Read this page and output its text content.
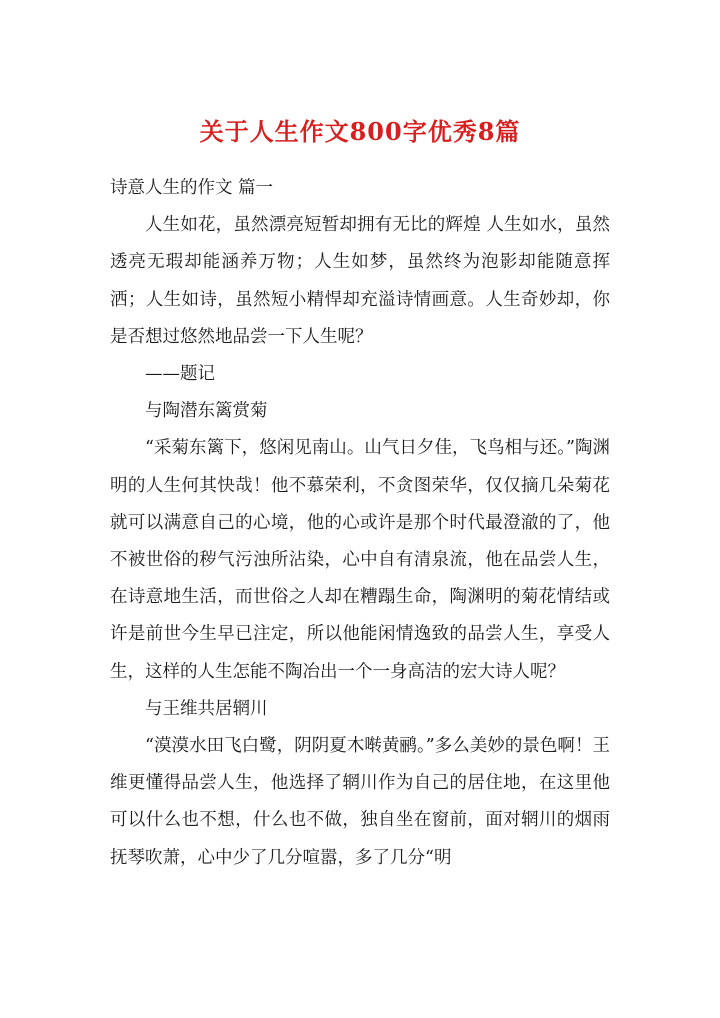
关于人生作文800字优秀8篇

诗意人生的作文 篇一

人生如花，虽然漂亮短暂却拥有无比的辉煌 人生如水，虽然透亮无瑕却能涵养万物；人生如梦，虽然终为泡影却能随意挥洒；人生如诗，虽然短小精悍却充溢诗情画意。人生奇妙却，你是否想过悠然地品尝一下人生呢？

——题记

与陶潜东篱赏菊

“采菊东篱下，悠闲见南山。山气日夕佳，飞鸟相与还。”陶渊明的人生何其快哉！他不慕荣利，不贪图荣华，仅仅摘几朵菊花就可以满意自己的心境，他的心或许是那个时代最澄澈的了，他不被世俗的秽气污浊所沾染，心中自有清泉流，他在品尝人生，在诗意地生活，而世俗之人却在糟蹋生命，陶渊明的菊花情结或许是前世今生早已注定，所以他能闲情逸致的品尝人生，享受人生，这样的人生怎能不陶冶出一个一身高洁的宏大诗人呢？

与王维共居辋川

“漠漠水田飞白鹭，阴阴夏木啭黄鹂。”多么美妙的景色啊！王维更懂得品尝人生，他选择了辋川作为自己的居住地，在这里他可以什么也不想，什么也不做，独自坐在窗前，面对辋川的烟雨抚琴吹萧，心中少了几分喧嚣，多了几分“明
